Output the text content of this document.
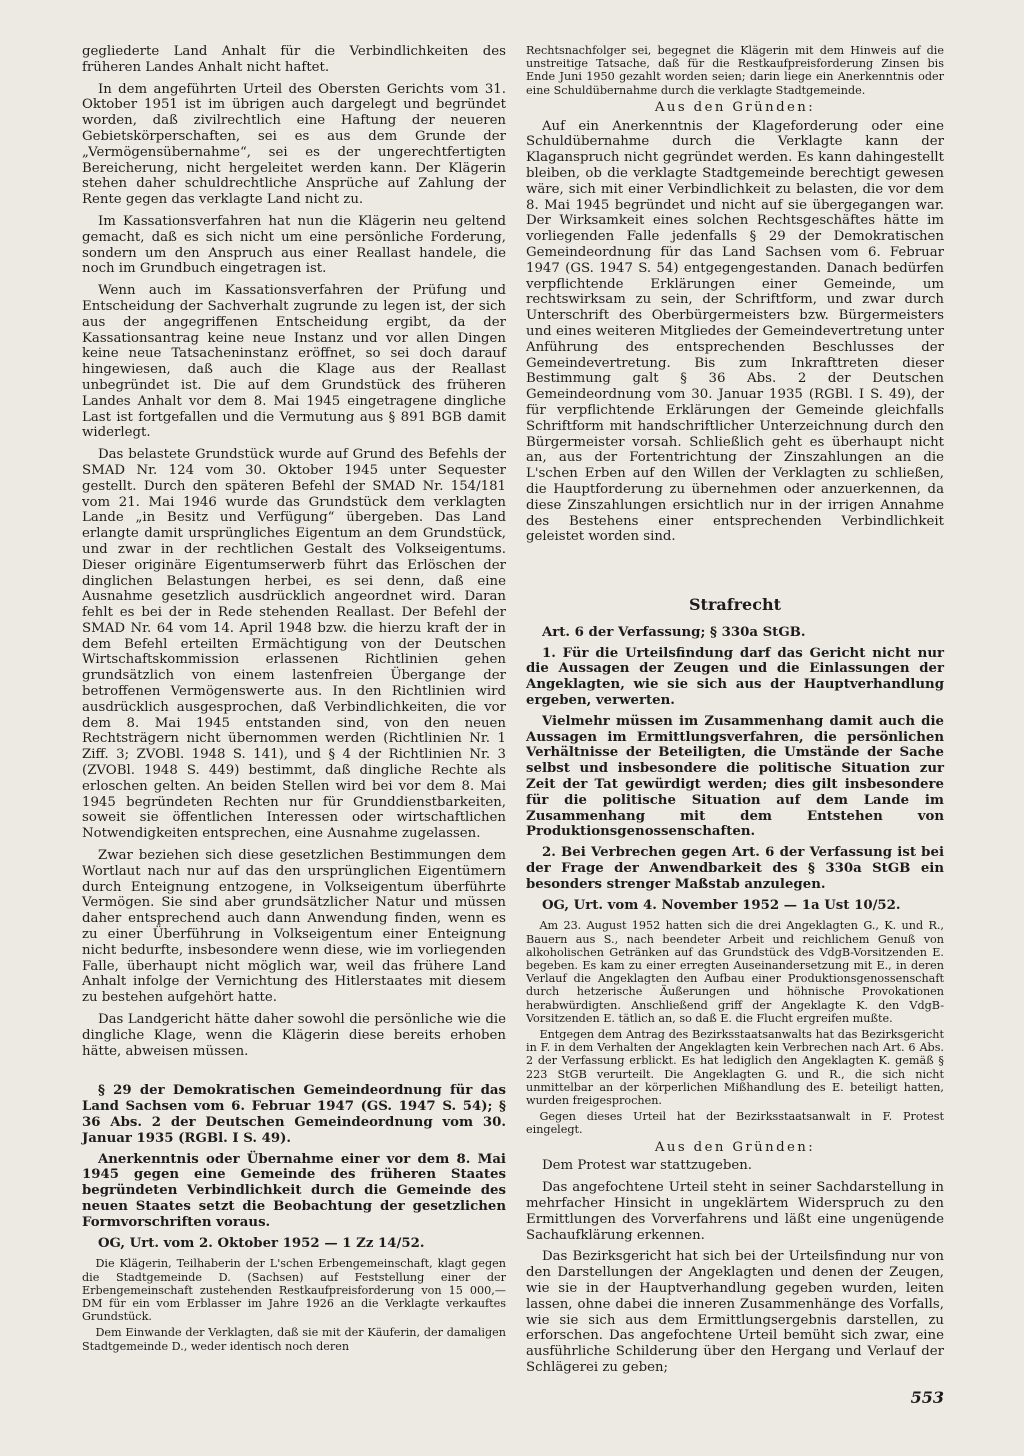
gegliederte Land Anhalt für die Verbindlichkeiten des früheren Landes Anhalt nicht haftet.

In dem angeführten Urteil des Obersten Gerichts vom 31. Oktober 1951 ist im übrigen auch dargelegt und begründet worden, daß zivilrechtlich eine Haftung der neueren Gebietskörperschaften, sei es aus dem Grunde der „Vermögensübernahme“, sei es der ungerechtfertigten Bereicherung, nicht hergeleitet werden kann. Der Klägerin stehen daher schuldrechtliche Ansprüche auf Zahlung der Rente gegen das verklagte Land nicht zu.

Im Kassationsverfahren hat nun die Klägerin neu geltend gemacht, daß es sich nicht um eine persönliche Forderung, sondern um den Anspruch aus einer Reallast handele, die noch im Grundbuch eingetragen ist.

Wenn auch im Kassationsverfahren der Prüfung und Entscheidung der Sachverhalt zugrunde zu legen ist, der sich aus der angegriffenen Entscheidung ergibt, da der Kassationsantrag keine neue Instanz und vor allen Dingen keine neue Tatsacheninstanz eröffnet, so sei doch darauf hingewiesen, daß auch die Klage aus der Reallast unbegründet ist. Die auf dem Grundstück des früheren Landes Anhalt vor dem 8. Mai 1945 eingetragene dingliche Last ist fortgefallen und die Vermutung aus § 891 BGB damit widerlegt.

Das belastete Grundstück wurde auf Grund des Befehls der SMAD Nr. 124 vom 30. Oktober 1945 unter Sequester gestellt. Durch den späteren Befehl der SMAD Nr. 154/181 vom 21. Mai 1946 wurde das Grundstück dem verklagten Lande „in Besitz und Verfügung“ übergeben. Das Land erlangte damit ursprüngliches Eigentum an dem Grundstück, und zwar in der rechtlichen Gestalt des Volkseigentums. Dieser originäre Eigentumserwerb führt das Erlöschen der dinglichen Belastungen herbei, es sei denn, daß eine Ausnahme gesetzlich ausdrücklich angeordnet wird. Daran fehlt es bei der in Rede stehenden Reallast. Der Befehl der SMAD Nr. 64 vom 14. April 1948 bzw. die hierzu kraft der in dem Befehl erteilten Ermächtigung von der Deutschen Wirtschaftskommission erlassenen Richtlinien gehen grundsätzlich von einem lastenfreien Übergange der betroffenen Vermögenswerte aus. In den Richtlinien wird ausdrücklich ausgesprochen, daß Verbindlichkeiten, die vor dem 8. Mai 1945 entstanden sind, von den neuen Rechtsträgern nicht übernommen werden (Richtlinien Nr. 1 Ziff. 3; ZVOBl. 1948 S. 141), und § 4 der Richtlinien Nr. 3 (ZVOBl. 1948 S. 449) bestimmt, daß dingliche Rechte als erloschen gelten. An beiden Stellen wird bei vor dem 8. Mai 1945 begründeten Rechten nur für Grunddienstbarkeiten, soweit sie öffentlichen Interessen oder wirtschaftlichen Notwendigkeiten entsprechen, eine Ausnahme zugelassen.

Zwar beziehen sich diese gesetzlichen Bestimmungen dem Wortlaut nach nur auf das den ursprünglichen Eigentümern durch Enteignung entzogene, in Volkseigentum überführte Vermögen. Sie sind aber grundsätzlicher Natur und müssen daher entsprechend auch dann Anwendung finden, wenn es zu einer Überführung in Volkseigentum einer Enteignung nicht bedurfte, insbesondere wenn diese, wie im vorliegenden Falle, überhaupt nicht möglich war, weil das frühere Land Anhalt infolge der Vernichtung des Hitlerstaates mit diesem zu bestehen aufgehört hatte.

Das Landgericht hätte daher sowohl die persönliche wie die dingliche Klage, wenn die Klägerin diese bereits erhoben hätte, abweisen müssen.

§ 29 der Demokratischen Gemeindeordnung für das Land Sachsen vom 6. Februar 1947 (GS. 1947 S. 54); § 36 Abs. 2 der Deutschen Gemeindeordnung vom 30. Januar 1935 (RGBl. I S. 49).

Anerkenntnis oder Übernahme einer vor dem 8. Mai 1945 gegen eine Gemeinde des früheren Staates begründeten Verbindlichkeit durch die Gemeinde des neuen Staates setzt die Beobachtung der gesetzlichen Formvorschriften voraus.

OG, Urt. vom 2. Oktober 1952 — 1 Zz 14/52.

Die Klägerin, Teilhaberin der L'schen Erbengemeinschaft, klagt gegen die Stadtgemeinde D. (Sachsen) auf Feststellung einer der Erbengemeinschaft zustehenden Restkaufpreisforderung von 15 000,— DM für ein vom Erblasser im Jahre 1926 an die Verklagte verkauftes Grundstück.

Dem Einwande der Verklagten, daß sie mit der Käuferin, der damaligen Stadtgemeinde D., weder identisch noch deren

Rechtsnachfolger sei, begegnet die Klägerin mit dem Hinweis auf die unstreitige Tatsache, daß für die Restkaufpreisforderung Zinsen bis Ende Juni 1950 gezahlt worden seien; darin liege ein Anerkenntnis oder eine Schuldübernahme durch die verklagte Stadtgemeinde.

Aus den Gründen:

Auf ein Anerkenntnis der Klageforderung oder eine Schuldübernahme durch die Verklagte kann der Klaganspruch nicht gegründet werden. Es kann dahingestellt bleiben, ob die verklagte Stadtgemeinde berechtigt gewesen wäre, sich mit einer Verbindlichkeit zu belasten, die vor dem 8. Mai 1945 begründet und nicht auf sie übergegangen war. Der Wirksamkeit eines solchen Rechtsgeschäftes hätte im vorliegenden Falle jedenfalls § 29 der Demokratischen Gemeindeordnung für das Land Sachsen vom 6. Februar 1947 (GS. 1947 S. 54) entgegengestanden. Danach bedürfen verpflichtende Erklärungen einer Gemeinde, um rechtswirksam zu sein, der Schriftform, und zwar durch Unterschrift des Oberbürgermeisters bzw. Bürgermeisters und eines weiteren Mitgliedes der Gemeindevertretung unter Anführung des entsprechenden Beschlusses der Gemeindevertretung. Bis zum Inkrafttreten dieser Bestimmung galt § 36 Abs. 2 der Deutschen Gemeindeordnung vom 30. Januar 1935 (RGBl. I S. 49), der für verpflichtende Erklärungen der Gemeinde gleichfalls Schriftform mit handschriftlicher Unterzeichnung durch den Bürgermeister vorsah. Schließlich geht es überhaupt nicht an, aus der Fortentrichtung der Zinszahlungen an die L'schen Erben auf den Willen der Verklagten zu schließen, die Hauptforderung zu übernehmen oder anzuerkennen, da diese Zinszahlungen ersichtlich nur in der irrigen Annahme des Bestehens einer entsprechenden Verbindlichkeit geleistet worden sind.

Strafrecht

Art. 6 der Verfassung; § 330a StGB.

1. Für die Urteilsfindung darf das Gericht nicht nur die Aussagen der Zeugen und die Einlassungen der Angeklagten, wie sie sich aus der Hauptverhandlung ergeben, verwerten.

Vielmehr müssen im Zusammenhang damit auch die Aussagen im Ermittlungsverfahren, die persönlichen Verhältnisse der Beteiligten, die Umstände der Sache selbst und insbesondere die politische Situation zur Zeit der Tat gewürdigt werden; dies gilt insbesondere für die politische Situation auf dem Lande im Zusammenhang mit dem Entstehen von Produktionsgenossenschaften.

2. Bei Verbrechen gegen Art. 6 der Verfassung ist bei der Frage der Anwendbarkeit des § 330a StGB ein besonders strenger Maßstab anzulegen.

OG, Urt. vom 4. November 1952 — 1a Ust 10/52.

Am 23. August 1952 hatten sich die drei Angeklagten G., K. und R., Bauern aus S., nach beendeter Arbeit und reichlichem Genuß von alkoholischen Getränken auf das Grundstück des VdgB-Vorsitzenden E. begeben. Es kam zu einer erregten Auseinandersetzung mit E., in deren Verlauf die Angeklagten den Aufbau einer Produktionsgenossenschaft durch hetzerische Äußerungen und höhnische Provokationen herabwürdigten. Anschließend griff der Angeklagte K. den VdgB-Vorsitzenden E. tätlich an, so daß E. die Flucht ergreifen mußte.

Entgegen dem Antrag des Bezirksstaatsanwalts hat das Bezirksgericht in F. in dem Verhalten der Angeklagten kein Verbrechen nach Art. 6 Abs. 2 der Verfassung erblickt. Es hat lediglich den Angeklagten K. gemäß § 223 StGB verurteilt. Die Angeklagten G. und R., die sich nicht unmittelbar an der körperlichen Mißhandlung des E. beteiligt hatten, wurden freigesprochen.

Gegen dieses Urteil hat der Bezirksstaatsanwalt in F. Protest eingelegt.

Aus den Gründen:

Dem Protest war stattzugeben.

Das angefochtene Urteil steht in seiner Sachdarstellung in mehrfacher Hinsicht in ungeklärtem Widerspruch zu den Ermittlungen des Vorverfahrens und läßt eine ungenügende Sachaufklärung erkennen.

Das Bezirksgericht hat sich bei der Urteilsfindung nur von den Darstellungen der Angeklagten und denen der Zeugen, wie sie in der Hauptverhandlung gegeben wurden, leiten lassen, ohne dabei die inneren Zusammenhänge des Vorfalls, wie sie sich aus dem Ermittlungsergebnis darstellen, zu erforschen. Das angefochtene Urteil bemüht sich zwar, eine ausführliche Schilderung über den Hergang und Verlauf der Schlägerei zu geben;

553
